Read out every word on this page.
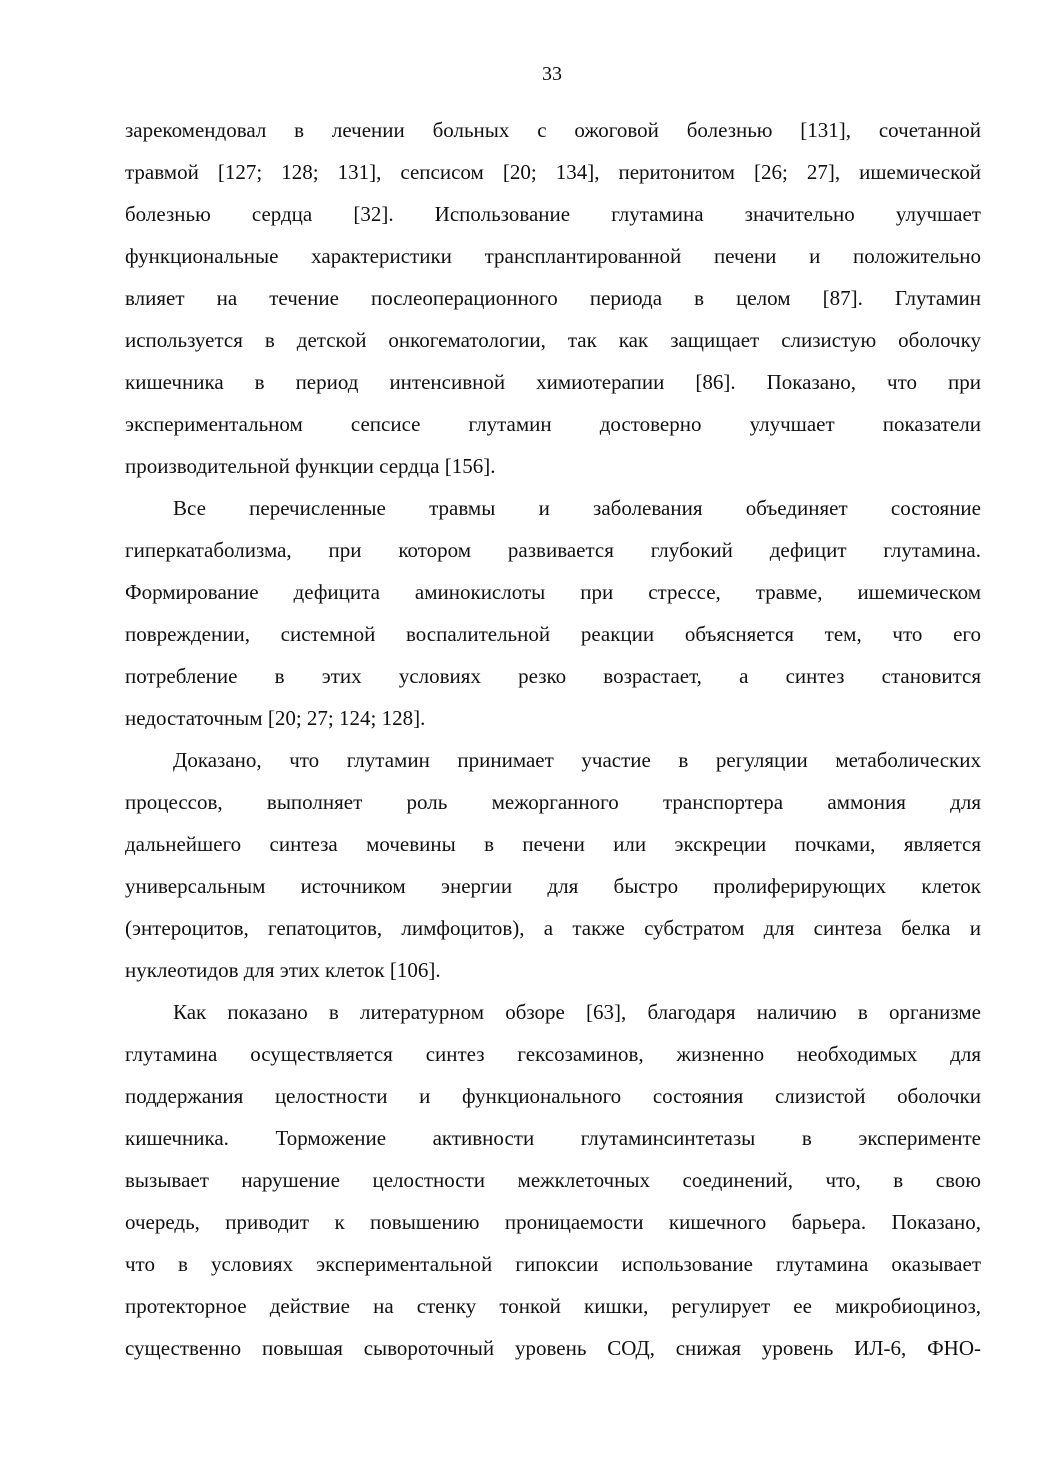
33
зарекомендовал в лечении больных с ожоговой болезнью [131], сочетанной
травмой [127; 128; 131], сепсисом [20; 134], перитонитом [26; 27], ишемической
болезнью сердца [32]. Использование глутамина значительно улучшает
функциональные характеристики трансплантированной печени и положительно
влияет на течение послеоперационного периода в целом [87]. Глутамин
используется в детской онкогематологии, так как защищает слизистую оболочку
кишечника в период интенсивной химиотерапии [86]. Показано, что при
экспериментальном сепсисе глутамин достоверно улучшает показатели
производительной функции сердца [156].
Все перечисленные травмы и заболевания объединяет состояние
гиперкатаболизма, при котором развивается глубокий дефицит глутамина.
Формирование дефицита аминокислоты при стрессе, травме, ишемическом
повреждении, системной воспалительной реакции объясняется тем, что его
потребление в этих условиях резко возрастает, а синтез становится
недостаточным [20; 27; 124; 128].
Доказано, что глутамин принимает участие в регуляции метаболических
процессов, выполняет роль межорганного транспортера аммония для
дальнейшего синтеза мочевины в печени или экскреции почками, является
универсальным источником энергии для быстро пролиферирующих клеток
(энтероцитов, гепатоцитов, лимфоцитов), а также субстратом для синтеза белка и
нуклеотидов для этих клеток [106].
Как показано в литературном обзоре [63], благодаря наличию в организме
глутамина осуществляется синтез гексозаминов, жизненно необходимых для
поддержания целостности и функционального состояния слизистой оболочки
кишечника. Торможение активности глутаминсинтетазы в эксперименте
вызывает нарушение целостности межклеточных соединений, что, в свою
очередь, приводит к повышению проницаемости кишечного барьера. Показано,
что в условиях экспериментальной гипоксии использование глутамина оказывает
протекторное действие на стенку тонкой кишки, регулирует ее микробиоциноз,
существенно повышая сывороточный уровень СОД, снижая уровень ИЛ-6, ФНО-
